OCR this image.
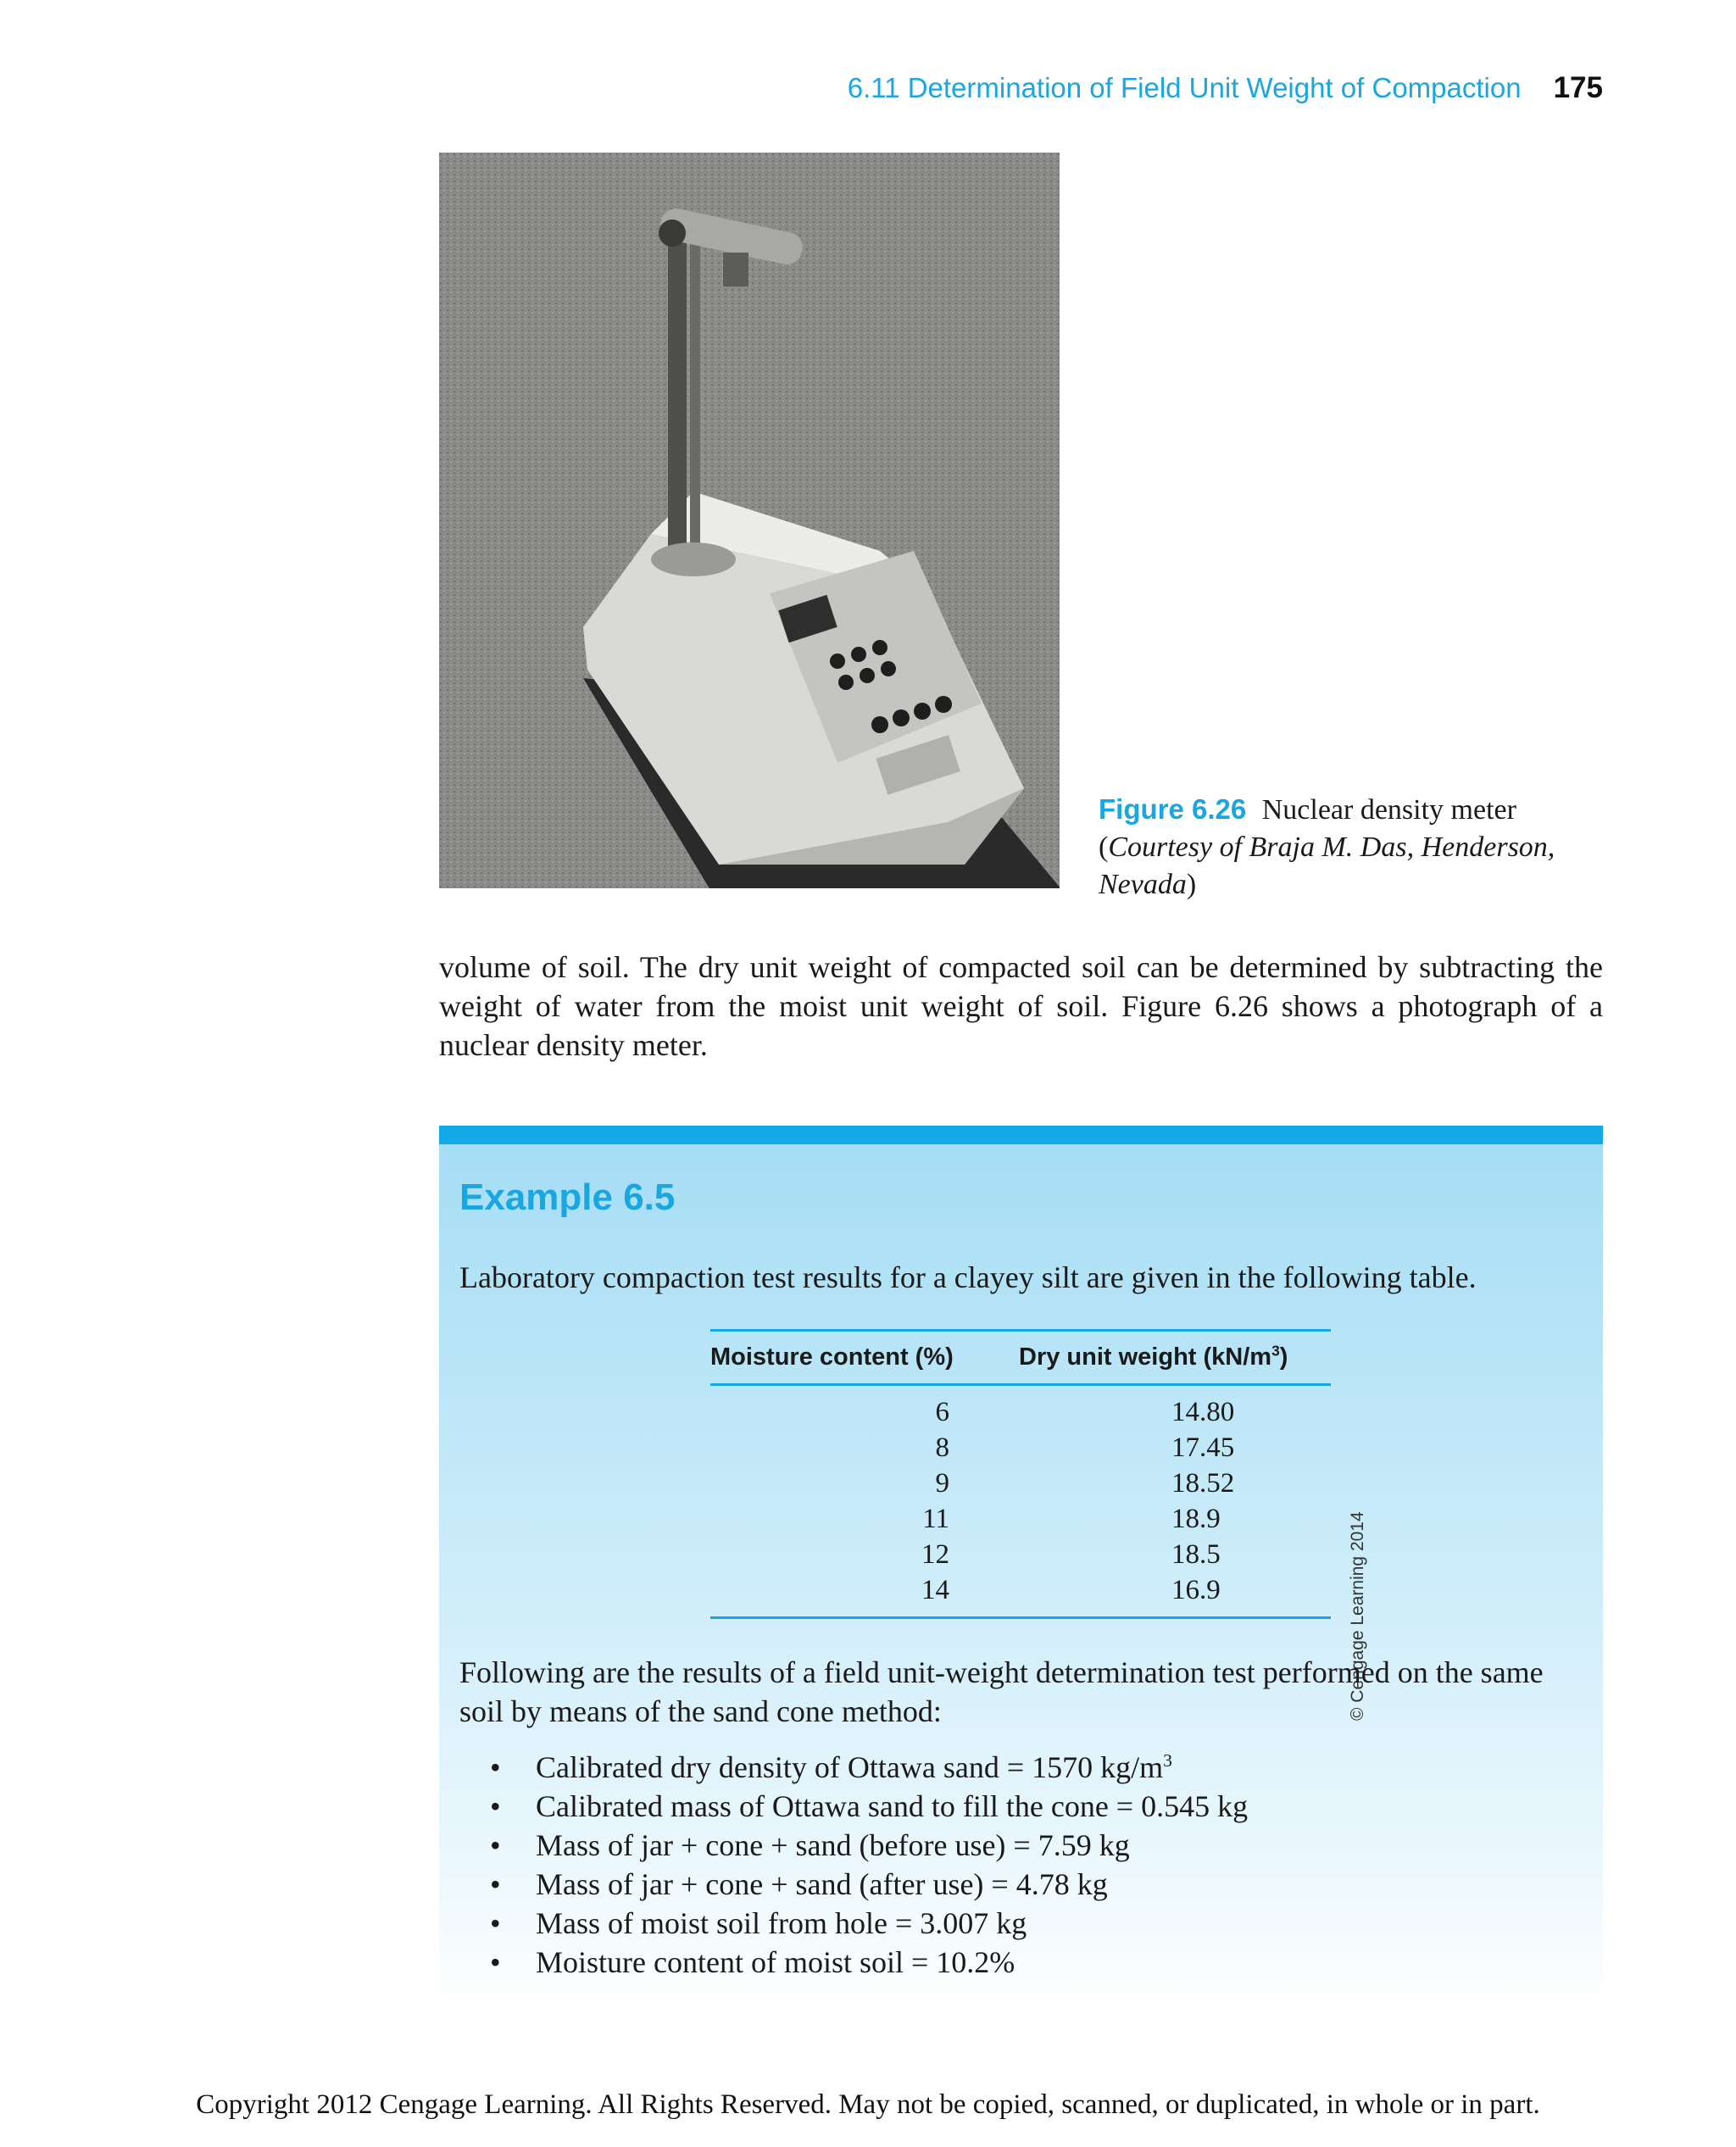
6.11 Determination of Field Unit Weight of Compaction 175
Figure 6.26 Nuclear density meter
(Courtesy of Braja M. Das, Henderson, Nevada)
volume of soil. The dry unit weight of compacted soil can be determined by subtracting the weight of water from the moist unit weight of soil. Figure 6.26 shows a photograph of a nuclear density meter.
Example 6.5
Laboratory compaction test results for a clayey silt are given in the following table.
Moisture content (%)	Dry unit weight $(kN/m^3)$
6	14.80
8	17.45
9	18.52
11	18.9
12	18.5
14	16.9	© Cengage Learning 2014
Following are the results of a field unit-weight determination test performed on the same soil by means of the sand cone method:
• Calibrated dry density of Ottawa sand = 1570 $kg/m^3$
• Calibrated mass of Ottawa sand to fill the cone = 0.545 kg
• Mass of jar + cone + sand (before use) = 7.59 kg
• Mass of jar + cone + sand (after use) = 4.78 kg
• Mass of moist soil from hole = 3.007 kg
• Moisture content of moist soil = 10.2%
Copyright 2012 Cengage Learning. All Rights Reserved. May not be copied, scanned, or duplicated, in whole or in part.
